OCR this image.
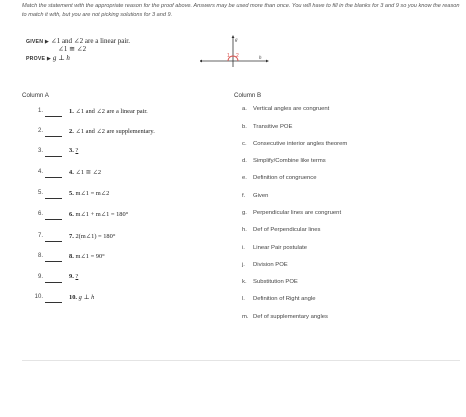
Match the statement with the appropriate reason for the proof above. Answers may be used more than once. You will have to fill in the blanks for 3 and 9 so you know the reason to match it with, but you are not picking solutions for 3 and 9.
GIVEN ▶ ∠1 and ∠2 are a linear pair.
∠1 ≅ ∠2
PROVE ▶ g ⊥ h
g
h
1 2
Column A	Column B
1.	1. ∠1 and ∠2 are a linear pair.
2.	2. ∠1 and ∠2 are supplementary.
3.	3. ?
4.	4. ∠1 ≅ ∠2
5.	5. m∠1 = m∠2
6.	6. m∠1 + m∠1 = 180°
7.	7. 2(m∠1) = 180°
8.	8. m∠1 = 90°
9.	9. ?
10.	10. g ⊥ h
a. Vertical angles are congruent
b. Transitive POE
c. Consecutive interior angles theorem
d. Simplify/Combine like terms
e. Definition of congruence
f. Given
g. Perpendicular lines are congruent
h. Def of Perpendicular lines
i. Linear Pair postulate
j. Division POE
k. Substitution POE
l. Definition of Right angle
m. Def of supplementary angles
